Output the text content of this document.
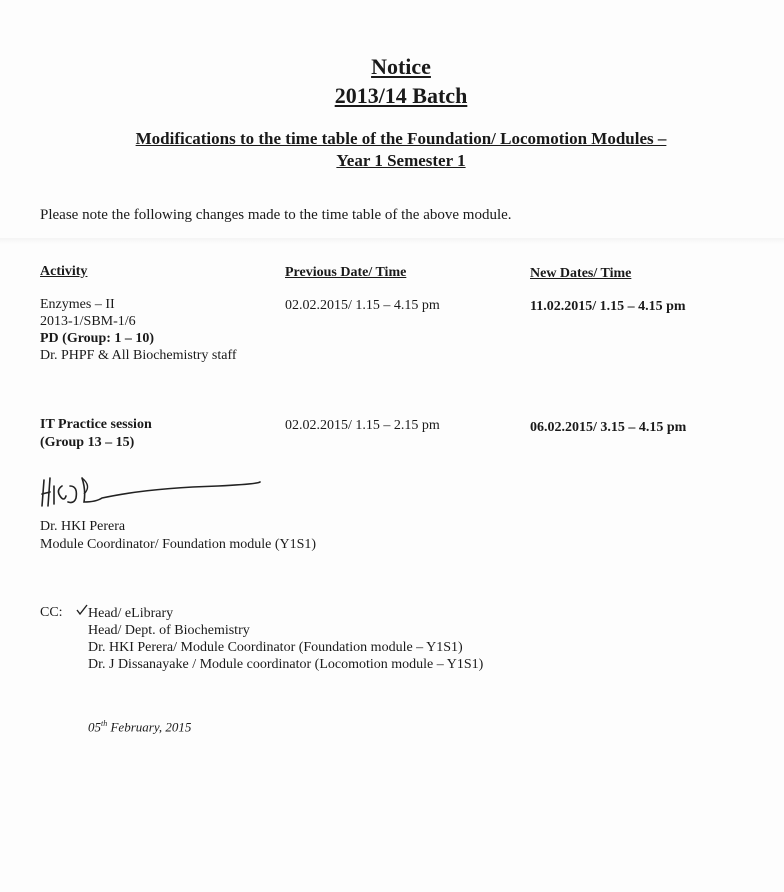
Notice
2013/14 Batch
Modifications to the time table of the Foundation/ Locomotion Modules –
Year 1 Semester 1
Please note the following changes made to the time table of the above module.
Activity	Previous Date/ Time	New Dates/ Time
Enzymes – II
2013-1/SBM-1/6
PD (Group: 1 – 10)
Dr. PHPF & All Biochemistry staff
02.02.2015/ 1.15 – 4.15 pm	11.02.2015/ 1.15 – 4.15 pm
IT Practice session
(Group 13 – 15)
02.02.2015/ 1.15 – 2.15 pm	06.02.2015/ 3.15 – 4.15 pm
Dr. HKI Perera
Module Coordinator/ Foundation module (Y1S1)
CC: Head/ eLibrary
Head/ Dept. of Biochemistry
Dr. HKI Perera/ Module Coordinator (Foundation module – Y1S1)
Dr. J Dissanayake / Module coordinator (Locomotion module – Y1S1)
05th February, 2015
